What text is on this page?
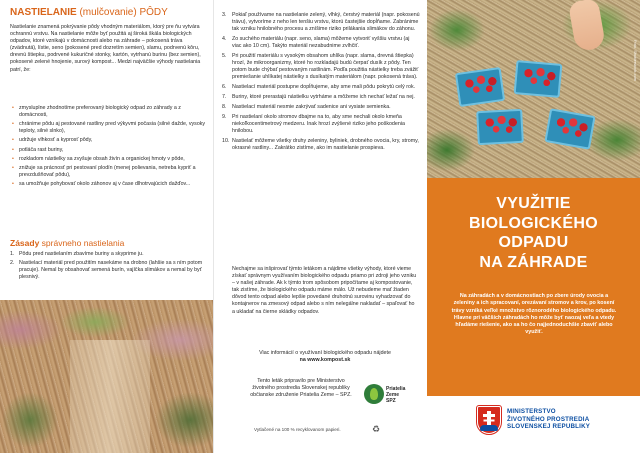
NASTIELANIE (mulčovanie) PÔDY

Nastielanie znamená pokrývanie pôdy vhodným materiálom, ktorý pre ňu vytvára ochrannú vrstvu. Na nastielanie môže byť použitá aj široká škála biologických odpadov, ktoré vznikajú v domácnosti alebo na záhrade – pokosená tráva (zvädnutá), lístie, seno (pokosené pred dozretím semien), slamu, podrvenú kôru, drevnú štiepku, podrvené kukuričné stonky, kartón, vytrhanú burinu (bez semien), pokosené zelené hnojenie, surový kompost... Medzi najväčšie výhody nastielania patrí, že:

• zmysluplne zhodnotíme preferovaný biologický odpad zo záhrady a z domácnosti,
• chránime pôdu aj pestované rastliny pred výkyvmi počasia (silné dažde, vysoky teploty, silné slnko),
• udržuje vlhkosť a kyprosť pôdy,
• potláča rast buriny,
• rozkladom nástielky sa zvyšuje obsah živín a organickej hmoty v pôde,
• znižuje sa prácnosť pri pestovaní plodín (menej polievania, netreba kypriť a prevzdušňovať pôdu),
• sa umožňuje pohybovať okolo záhonov aj v čase dlhotrvajúcich dažďov...
Zásady správneho nastielania
1. Pôdu pred nastielaním zbavíme buriny a skyprime ju.
2. Nastielací materiál pred použitím nasekáme na drobno (lahšie sa s ním potom pracuje). Nemal by obsahovať semená burín, vajíčka slimákov a nemal by byť plesnivý.
3. Pokiaľ používame na nastielanie zelený, vlhký, čerstvý materiál (napr. pokosenú trávu), vytvoríme z neho len tenšiu vrstvu, ktorú častejšie dopĺňame. Zabránime tak vzniku hnilobného procesu a zníšime riziko prilákania slimákov do záhonu.
4. Zo suchého materiálu (napr. seno, slama) môžeme vytvoriť vyššiu vrstvu (aj viac ako 10 cm). Takýto materiál nezabudnime zvlhčiť.
5. Pri použití materiálu s vysokým obsahom uhlíka (napr. slama, drevná štiepka) hrozí, že mikroorganizmy, ktoré ho rozkladajú budú čerpať dusík z pôdy. Ten potom bude chýbať pestovaným rastlinám. Podľa použitia nástielky treba zvážiť premiešanie uhlíkatej nástielky s dusíkatým materiálom (napr. pokosená tráva).
6. Nastielací materiál postupne dopĺňujeme, aby sme mali pôdu pokrytú celý rok.
7. Buriny, ktoré prerastajú nástielku vytrháme a môžeme ich nechať ležať na nej.
8. Nastielací materiál nesmie zakrývať sadenice ani vysiate semienka.
9. Pri nastielaní okolo stromov dbajme na to, aby sme nechali okolo kmeňa niekoľkocentimetrový medzeru. Inak hrozí zvýšené riziko jeho poškodenia hnilobou.
10. Nastielať môžeme všetky druhy zeleniny, byliniek, drobného ovocia, kry, stromy, okrasné rastliny... Zakrátko zistíme, ako im nastielanie prospieva.

Nechajme sa inšpirovať týmto letákom a nájdime všetky výhody, ktoré vieme získať správnym využívaním biologického odpadu priamo pri zdroji jeho vzniku – v našej záhrade. Ak k týmto trom spôsobom pripočítame aj kompostovanie, tak zistíme, že biologického odpadu máme málo. Už nebudeme mať žiaden dôvod tento odpad alebo lepšie povedané druhotnú surovinu vyhadzovať do kontajnerov na zmesový odpad alebo s ním nelegálne nakladať – spaľovať ho a ukladať na čierne skládky odpadov.

Viac informácií o využívaní biologického odpadu nájdete
na www.kompost.sk

Tento leták pripravilo pre Ministerstvo životného prostredia Slovenskej republiky občianske združenie Priatelia Zeme – SPZ.

Priatelia
Zeme
SPZ

Vytlačené na 100 % recyklovanom papieri.	♻
Foto: Shutterstock.com
VYUŽITIE
BIOLOGICKÉHO
ODPADU
NA ZÁHRADE

Na záhradách a v domácnostiach po zbere úrody ovocia a zeleniny a ich spracovaní, orezávaní stromov a krov, po kosení trávy vzniká veľké množstvo rôznorodého biologického odpadu. Hlavne pri väčších záhradách ho môže byť naozaj veľa a vtedy hľadáme riešenie, ako sa ho čo najjednoduchšie zbaviť alebo využiť.

MINISTERSTVO
ŽIVOTNÉHO PROSTREDIA
SLOVENSKEJ REPUBLIKY
